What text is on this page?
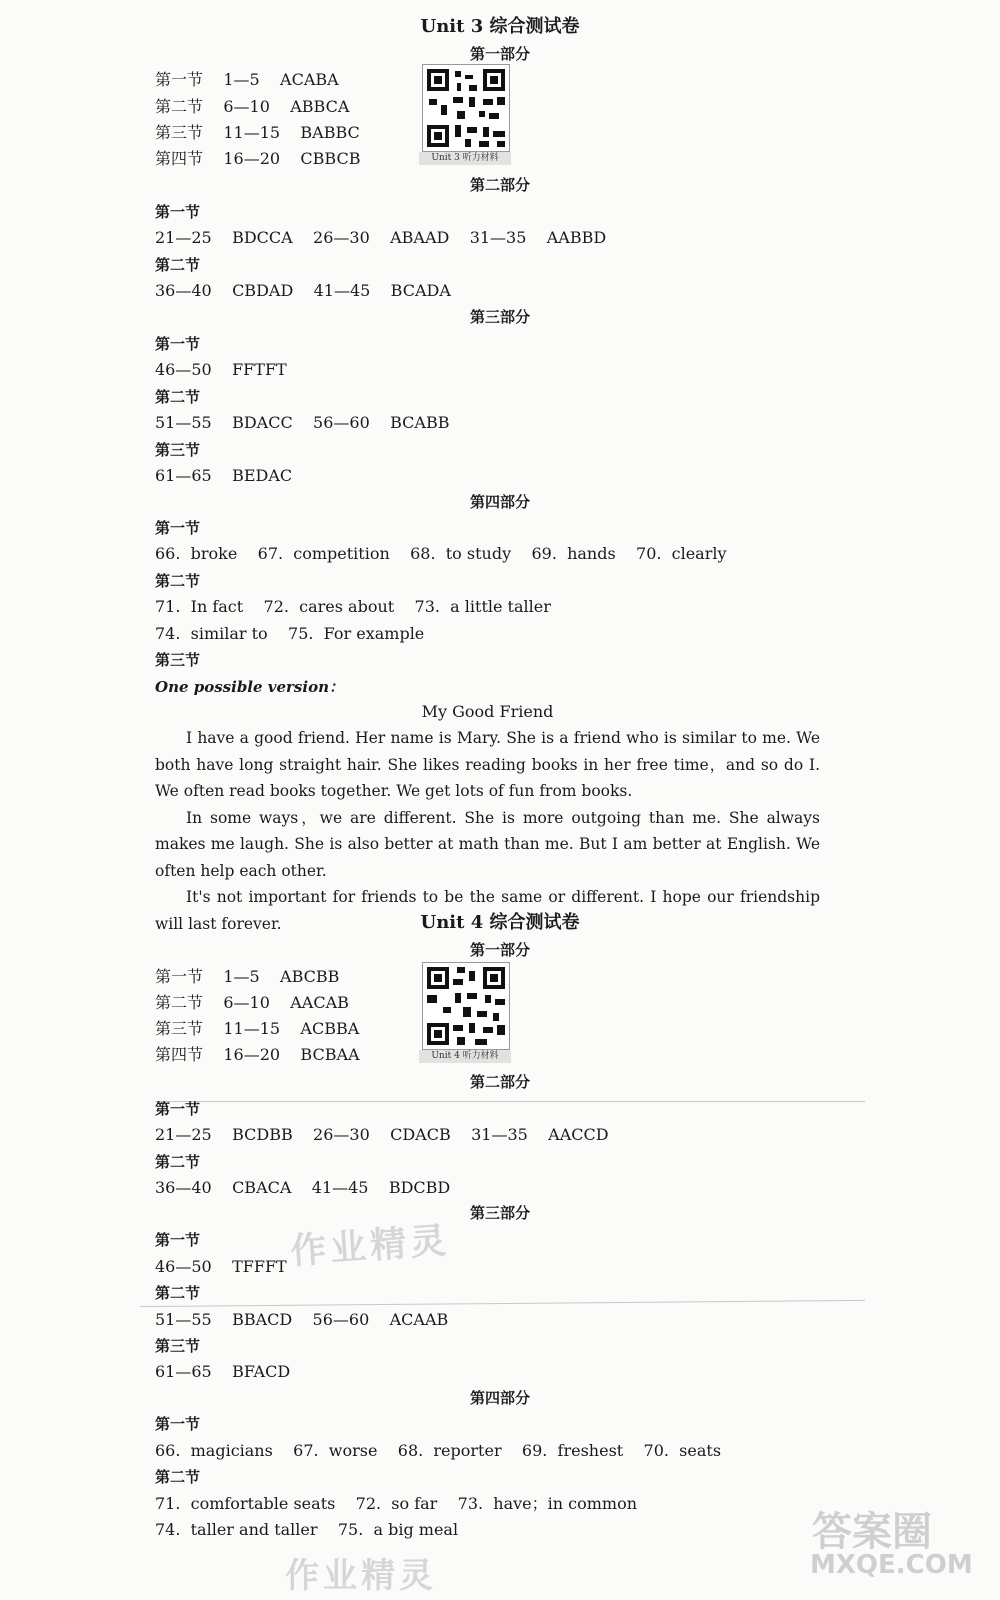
Unit 3 综合测试卷
第一部分
第一节    1—5    ACABA
第二节    6—10    ABBCA
第三节    11—15    BABBC
第四节    16—20    CBBCB	Unit 3 听力材料
第二部分
第一节
21—25    BDCCA    26—30    ABAAD    31—35    AABBD
第二节
36—40    CBDAD    41—45    BCADA
第三部分
第一节
46—50    FFTFT
第二节
51—55    BDACC    56—60    BCABB
第三节
61—65    BEDAC
第四部分
第一节
66.  broke    67.  competition    68.  to study    69.  hands    70.  clearly
第二节
71.  In fact    72.  cares about    73.  a little taller
74.  similar to    75.  For example
第三节
One possible version：
My Good Friend

I have a good friend. Her name is Mary. She is a friend who is similar to me. We both have long straight hair. She likes reading books in her free time，and so do I. We often read books together. We get lots of fun from books.

In some ways，we are different. She is more outgoing than me. She always makes me laugh. She is also better at math than me. But I am better at English. We often help each other.

It's not important for friends to be the same or different. I hope our friendship will last forever.	Unit 4 综合测试卷
第一部分
第一节    1—5    ABCBB
第二节    6—10    AACAB
第三节    11—15    ACBBA
第四节    16—20    BCBAA	Unit 4 听力材料
第二部分
第一节
21—25    BCDBB    26—30    CDACB    31—35    AACCD
第二节
36—40    CBACA    41—45    BDCBD
第三部分
第一节
46—50    TFFFT 作业精灵
第二节
51—55    BBACD    56—60    ACAAB
第三节
61—65    BFACD
第四部分
第一节
66.  magicians    67.  worse    68.  reporter    69.  freshest    70.  seats
第二节
71.  comfortable seats    72.  so far    73.  have；in common
74.  taller and taller    75.  a big meal
作业精灵
答案圈
MXQE.COM
